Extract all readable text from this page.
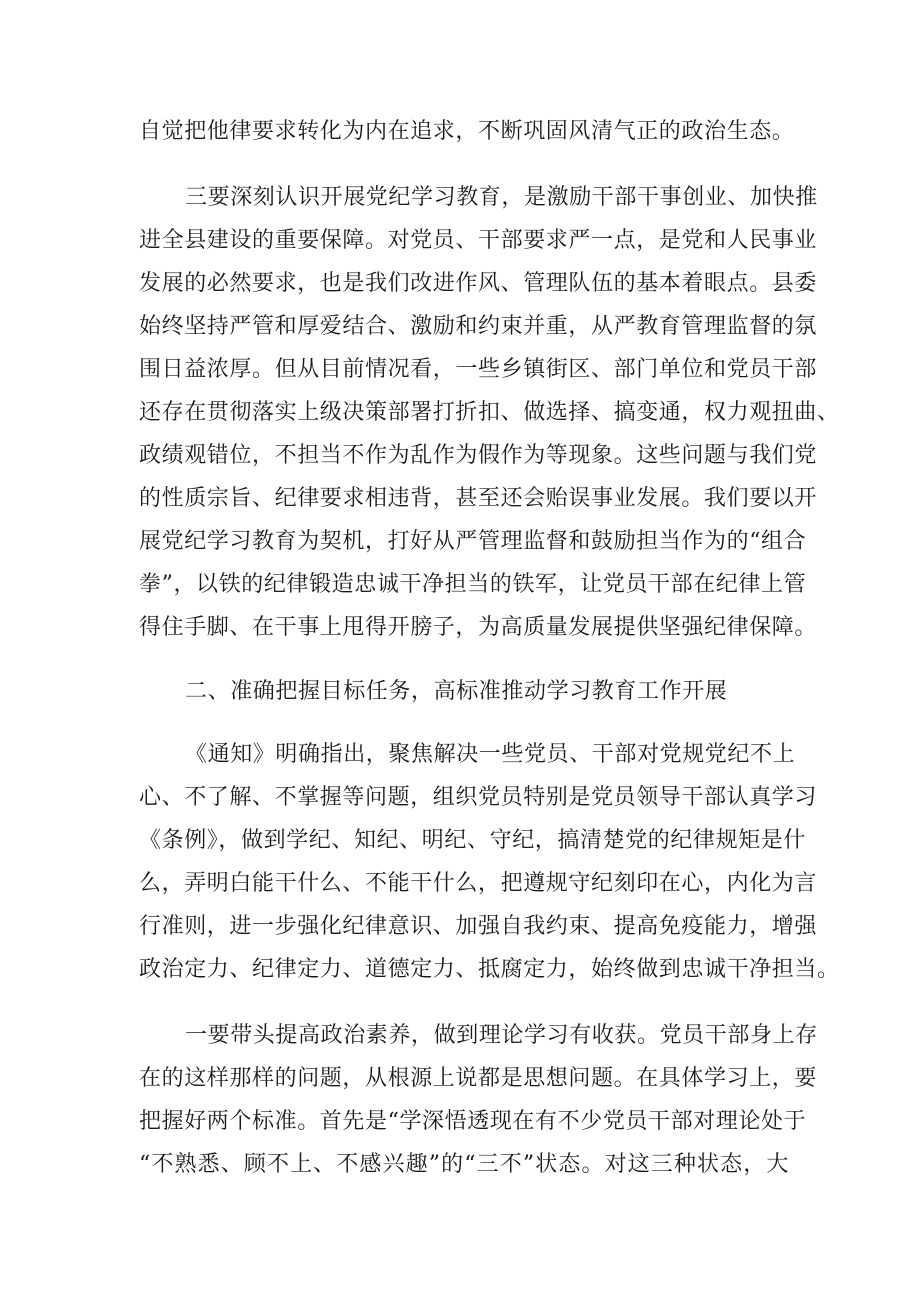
自觉把他律要求转化为内在追求，不断巩固风清气正的政治生态。
三要深刻认识开展党纪学习教育，是激励干部干事创业、加快推
进全县建设的重要保障。对党员、干部要求严一点，是党和人民事业
发展的必然要求，也是我们改进作风、管理队伍的基本着眼点。县委
始终坚持严管和厚爱结合、激励和约束并重，从严教育管理监督的氛
围日益浓厚。但从目前情况看，一些乡镇街区、部门单位和党员干部
还存在贯彻落实上级决策部署打折扣、做选择、搞变通，权力观扭曲、
政绩观错位，不担当不作为乱作为假作为等现象。这些问题与我们党
的性质宗旨、纪律要求相违背，甚至还会贻误事业发展。我们要以开
展党纪学习教育为契机，打好从严管理监督和鼓励担当作为的“组合
拳”，以铁的纪律锻造忠诚干净担当的铁军，让党员干部在纪律上管
得住手脚、在干事上甩得开膀子，为高质量发展提供坚强纪律保障。
二、准确把握目标任务，高标准推动学习教育工作开展
《通知》明确指出，聚焦解决一些党员、干部对党规党纪不上
心、不了解、不掌握等问题，组织党员特别是党员领导干部认真学习
《条例》，做到学纪、知纪、明纪、守纪，搞清楚党的纪律规矩是什
么，弄明白能干什么、不能干什么，把遵规守纪刻印在心，内化为言
行准则，进一步强化纪律意识、加强自我约束、提高免疫能力，增强
政治定力、纪律定力、道德定力、抵腐定力，始终做到忠诚干净担当。
一要带头提高政治素养，做到理论学习有收获。党员干部身上存
在的这样那样的问题，从根源上说都是思想问题。在具体学习上，要
把握好两个标准。首先是“学深悟透现在有不少党员干部对理论处于
“不熟悉、顾不上、不感兴趣”的“三不”状态。对这三种状态，大
